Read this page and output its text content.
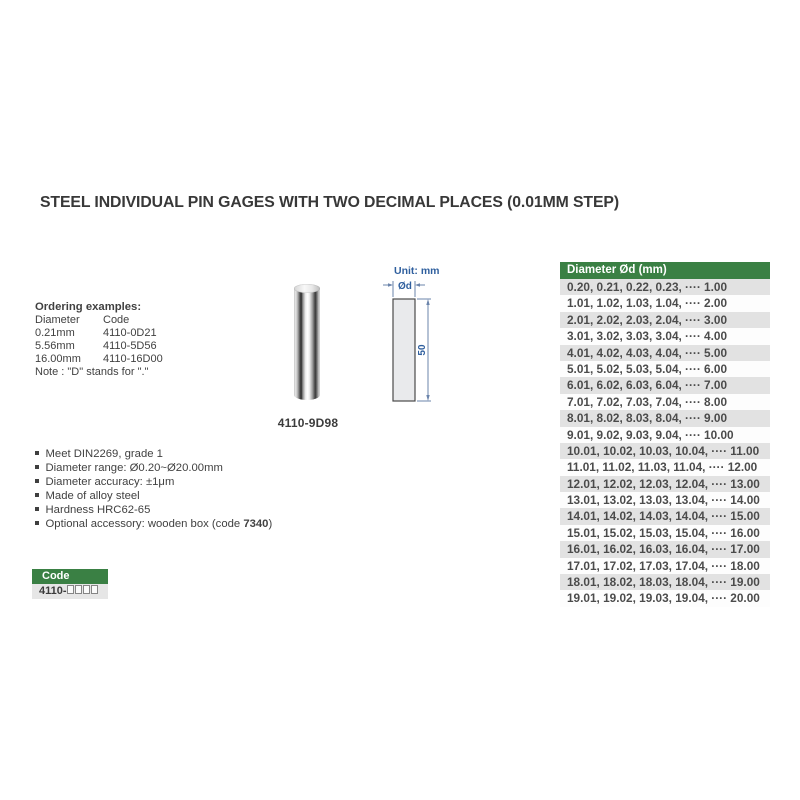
STEEL INDIVIDUAL PIN GAGES WITH TWO DECIMAL PLACES (0.01MM STEP)
Ordering examples:
Diameter Code
0.21mm	4110-0D21
5.56mm	4110-5D56
16.00mm 4110-16D00
Note : "D" stands for "."
4110-9D98
Unit: mm
Ød
50
Meet DIN2269, grade 1
Diameter range: Ø0.20~Ø20.00mm
Diameter accuracy: ±1μm
Made of alloy steel
Hardness HRC62-65
Optional accessory: wooden box (code 7340)
Code
4110-
Diameter Ød (mm)
0.20, 0.21, 0.22, 0.23, ···· 1.00
1.01, 1.02, 1.03, 1.04, ···· 2.00
2.01, 2.02, 2.03, 2.04, ···· 3.00
3.01, 3.02, 3.03, 3.04, ···· 4.00
4.01, 4.02, 4.03, 4.04, ···· 5.00
5.01, 5.02, 5.03, 5.04, ···· 6.00
6.01, 6.02, 6.03, 6.04, ···· 7.00
7.01, 7.02, 7.03, 7.04, ···· 8.00
8.01, 8.02, 8.03, 8.04, ···· 9.00
9.01, 9.02, 9.03, 9.04, ···· 10.00
10.01, 10.02, 10.03, 10.04, ···· 11.00
11.01, 11.02, 11.03, 11.04, ···· 12.00
12.01, 12.02, 12.03, 12.04, ···· 13.00
13.01, 13.02, 13.03, 13.04, ···· 14.00
14.01, 14.02, 14.03, 14.04, ···· 15.00
15.01, 15.02, 15.03, 15.04, ···· 16.00
16.01, 16.02, 16.03, 16.04, ···· 17.00
17.01, 17.02, 17.03, 17.04, ···· 18.00
18.01, 18.02, 18.03, 18.04, ···· 19.00
19.01, 19.02, 19.03, 19.04, ···· 20.00
